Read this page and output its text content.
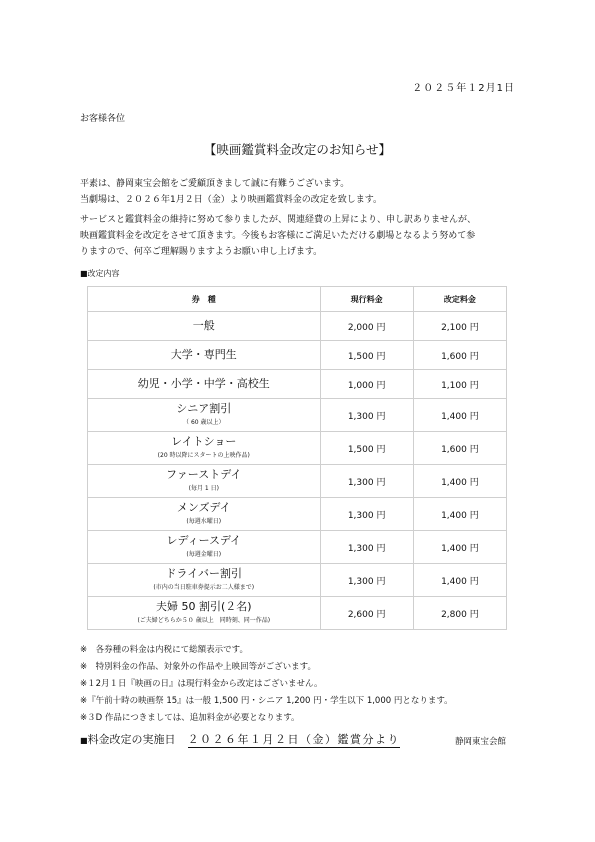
２０２５年１2月1日
お客様各位
【映画鑑賞料金改定のお知らせ】
平素は、静岡東宝会館をご愛顧頂きまして誠に有難うございます。
当劇場は、２０２６年1月２日（金）より映画鑑賞料金の改定を致します。
サービスと鑑賞料金の維持に努めて参りましたが、関連経費の上昇により、申し訳ありませんが、
映画鑑賞料金を改定をさせて頂きます。今後もお客様にご満足いただける劇場となるよう努めて参
りますので、何卒ご理解賜りますようお願い申し上げます。
■改定内容
券　種	現行料金	改定料金

一般	2,000 円	2,100 円

大学・専門生	1,500 円	1,600 円

幼児・小学・中学・高校生	1,000 円	1,100 円

シニア割引
（ 60 歳以上）	1,300 円	1,400 円

レイトショー
(20 時以降にスタートの上映作品)	1,500 円	1,600 円

ファーストデイ
(毎月 1 日)	1,300 円	1,400 円

メンズデイ
(毎週水曜日)	1,300 円	1,400 円

レディースデイ
(毎週金曜日)	1,300 円	1,400 円

ドライバー割引
(市内の当日駐車券提示お二人様まで)	1,300 円	1,400 円

夫婦 50 割引(２名)
(ご夫婦どちらか５０ 歳以上　同時刻、同一作品)	2,600 円	2,800 円
※　各券種の料金は内税にて総額表示です。
※　特別料金の作品、対象外の作品や上映回等がございます。
※１2月１日『映画の日』は現行料金から改定はございません。
※『午前十時の映画祭 15』は一般 1,500 円・シニア 1,200 円・学生以下 1,000 円となります。
※３D 作品につきましては、追加料金が必要となります。
■料金改定の実施日 ２０２６年１月２日（金）鑑賞分より	静岡東宝会館
